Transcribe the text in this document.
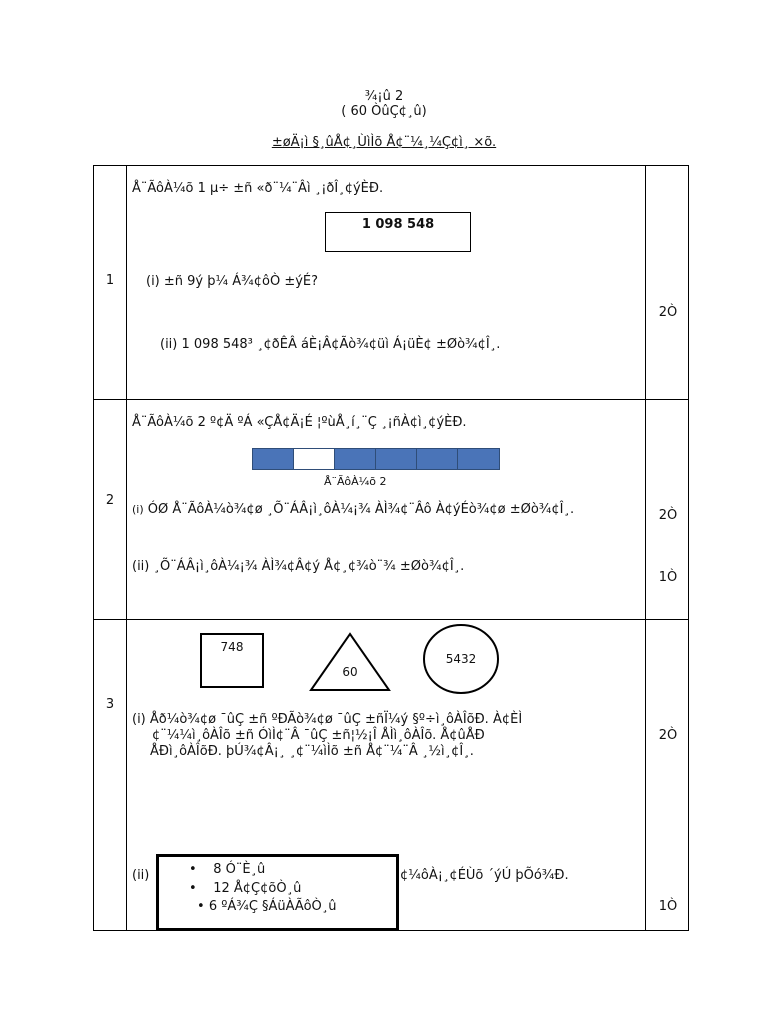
¾¡û 2
( 60 ÒûÇ¢¸û)
±øÄ¡ì §¸ûÅ¢¸ÙìÌõ Å¢¨¼¸¼Ç¢ì¸ ×õ.
1
Å¨ÃôÀ¼õ 1 µ÷ ±ñ «ð¨¼¨Âì ¸¡ðÎ¸¢ýÈÐ.
1 098 548
(i) ±ñ 9ý þ¼ Á¾¢ôÒ ±ýÉ?
(ii) 1 098 548³ ¸¢ðÊÂ áÈ¡Â¢Ãò¾¢üì Á¡üÈ¢ ±Øò¾¢Î¸.
2Ò
2
Å¨ÃôÀ¼õ 2 º¢Ä ºÁ «ÇÅ¢Ä¡É ¦ºùÅ¸í¸¨Ç ¸¡ñÀ¢ì¸¢ýÈÐ.
Å¨ÃôÀ¼õ 2
(i) ÓØ Å¨ÃôÀ¼ò¾¢ø ¸Õ¨ÁÂ¡ì¸ôÀ¼¡¾ ÀÌ¾¢¨Âô À¢ýÉò¾¢ø ±Øò¾¢Î¸.
(ii) ¸Õ¨ÁÂ¡ì¸ôÀ¼¡¾ ÀÌ¾¢Â¢ý Å¢¸¢¾ò¨¾ ±Øò¾¢Î¸.
2Ò
1Ò
3
748
60
5432
(i) Åð¼ò¾¢ø ¯ûÇ ±ñ ºÐÃò¾¢ø ¯ûÇ ±ñÏ¼ý §º÷ì¸ôÀÎõÐ. À¢ÈÌ
¢¨¼¼ì¸ôÀÎõ ±ñ ÓìÌ¢¨Â ¯ûÇ ±ñ¦½¡Î ÅÌì¸ôÀÎõ. Å¢ûÅÐ
ÅÐì¸ôÀÎõÐ. þÚ¾¢Â¡¸ ¸¢¨¼ìÌõ ±ñ Å¢¨¼¨Â ¸½ì¸¢Î¸.
(ii)	¢¼ôÀ¡¸¢ÉÙõ ´ýÚ þÕó¾Ð.
•    8 Ó¨È¸û
•    12 Å¢Ç¢õÒ¸û
• 6 ºÁ¾Ç §ÁüÀÃôÒ¸û
2Ò
1Ò
